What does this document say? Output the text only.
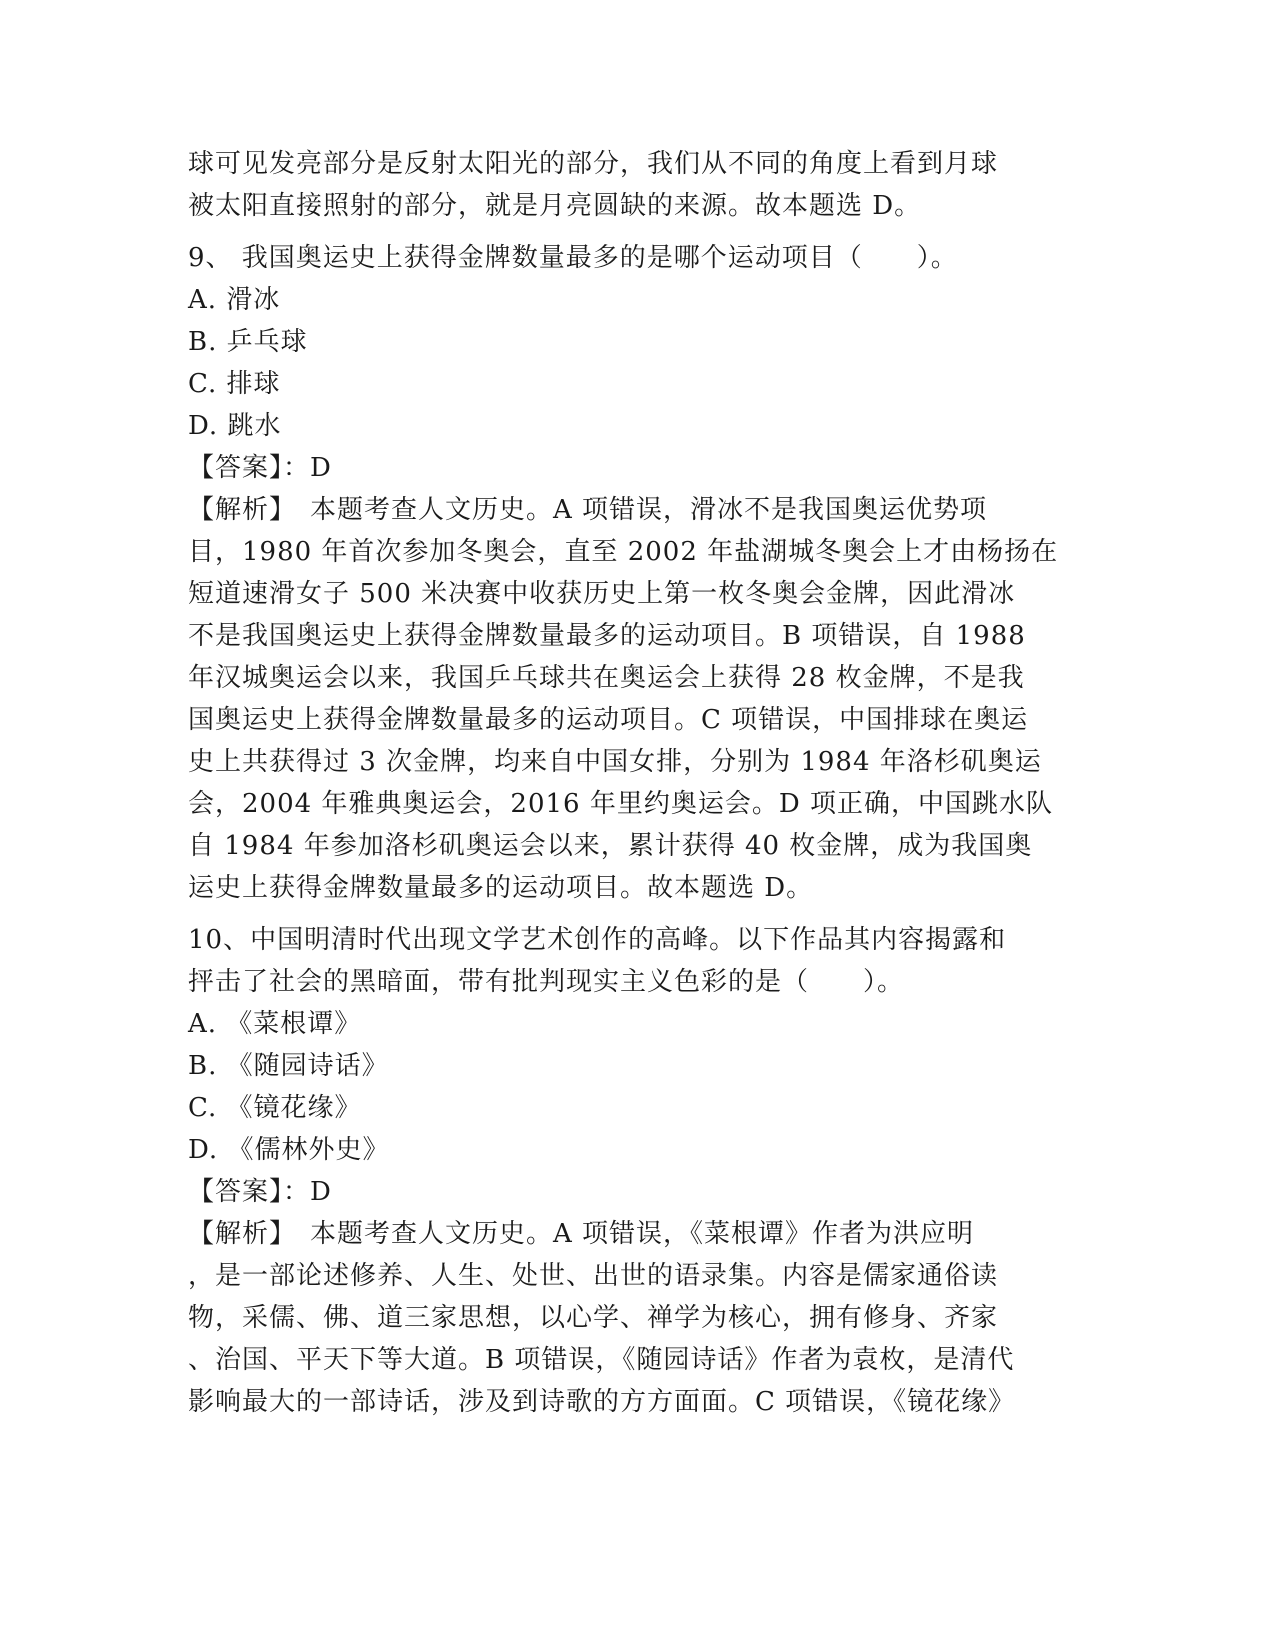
球可见发亮部分是反射太阳光的部分，我们从不同的角度上看到月球
被太阳直接照射的部分，就是月亮圆缺的来源。故本题选 D。
9、 我国奥运史上获得金牌数量最多的是哪个运动项目（　　）。
A. 滑冰
B. 乒乓球
C. 排球
D. 跳水
【答案】：D
【解析】　本题考查人文历史。A 项错误，滑冰不是我国奥运优势项
目，1980 年首次参加冬奥会，直至 2002 年盐湖城冬奥会上才由杨扬在
短道速滑女子 500 米决赛中收获历史上第一枚冬奥会金牌，因此滑冰
不是我国奥运史上获得金牌数量最多的运动项目。B 项错误，自 1988
年汉城奥运会以来，我国乒乓球共在奥运会上获得 28 枚金牌，不是我
国奥运史上获得金牌数量最多的运动项目。C 项错误，中国排球在奥运
史上共获得过 3 次金牌，均来自中国女排，分别为 1984 年洛杉矶奥运
会，2004 年雅典奥运会，2016 年里约奥运会。D 项正确，中国跳水队
自 1984 年参加洛杉矶奥运会以来，累计获得 40 枚金牌，成为我国奥
运史上获得金牌数量最多的运动项目。故本题选 D。
10、中国明清时代出现文学艺术创作的高峰。以下作品其内容揭露和
抨击了社会的黑暗面，带有批判现实主义色彩的是（　　）。
A. 《菜根谭》
B. 《随园诗话》
C. 《镜花缘》
D. 《儒林外史》
【答案】：D
【解析】　本题考查人文历史。A 项错误，《菜根谭》作者为洪应明
，是一部论述修养、人生、处世、出世的语录集。内容是儒家通俗读
物，采儒、佛、道三家思想，以心学、禅学为核心，拥有修身、齐家
、治国、平天下等大道。B 项错误，《随园诗话》作者为袁枚，是清代
影响最大的一部诗话，涉及到诗歌的方方面面。C 项错误，《镜花缘》
